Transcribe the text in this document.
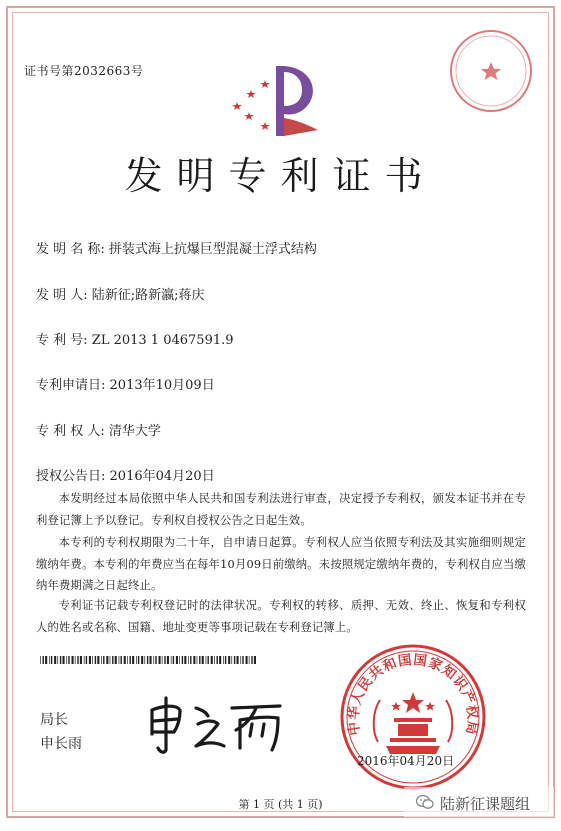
证书号第2032663号
发明专利证书
发 明 名 称: 拼装式海上抗爆巨型混凝土浮式结构
发 明 人: 陆新征;路新瀛;蒋庆
专 利 号: ZL 2013 1 0467591.9
专利申请日: 2013年10月09日
专 利 权 人: 清华大学
授权公告日: 2016年04月20日
本发明经过本局依照中华人民共和国专利法进行审查，决定授予专利权，颁发本证书并在专利登记簿上予以登记。专利权自授权公告之日起生效。
本专利的专利权期限为二十年，自申请日起算。专利权人应当依照专利法及其实施细则规定缴纳年费。本专利的年费应当在每年10月09日前缴纳。未按照规定缴纳年费的，专利权自应当缴纳年费期满之日起终止。
专利证书记载专利权登记时的法律状况。专利权的转移、质押、无效、终止、恢复和专利权人的姓名或名称、国籍、地址变更等事项记载在专利登记簿上。
局长
申长雨
中华人民共和国国家知识产权局
2016年04月20日
第 1 页 (共 1 页)	陆新征课题组
